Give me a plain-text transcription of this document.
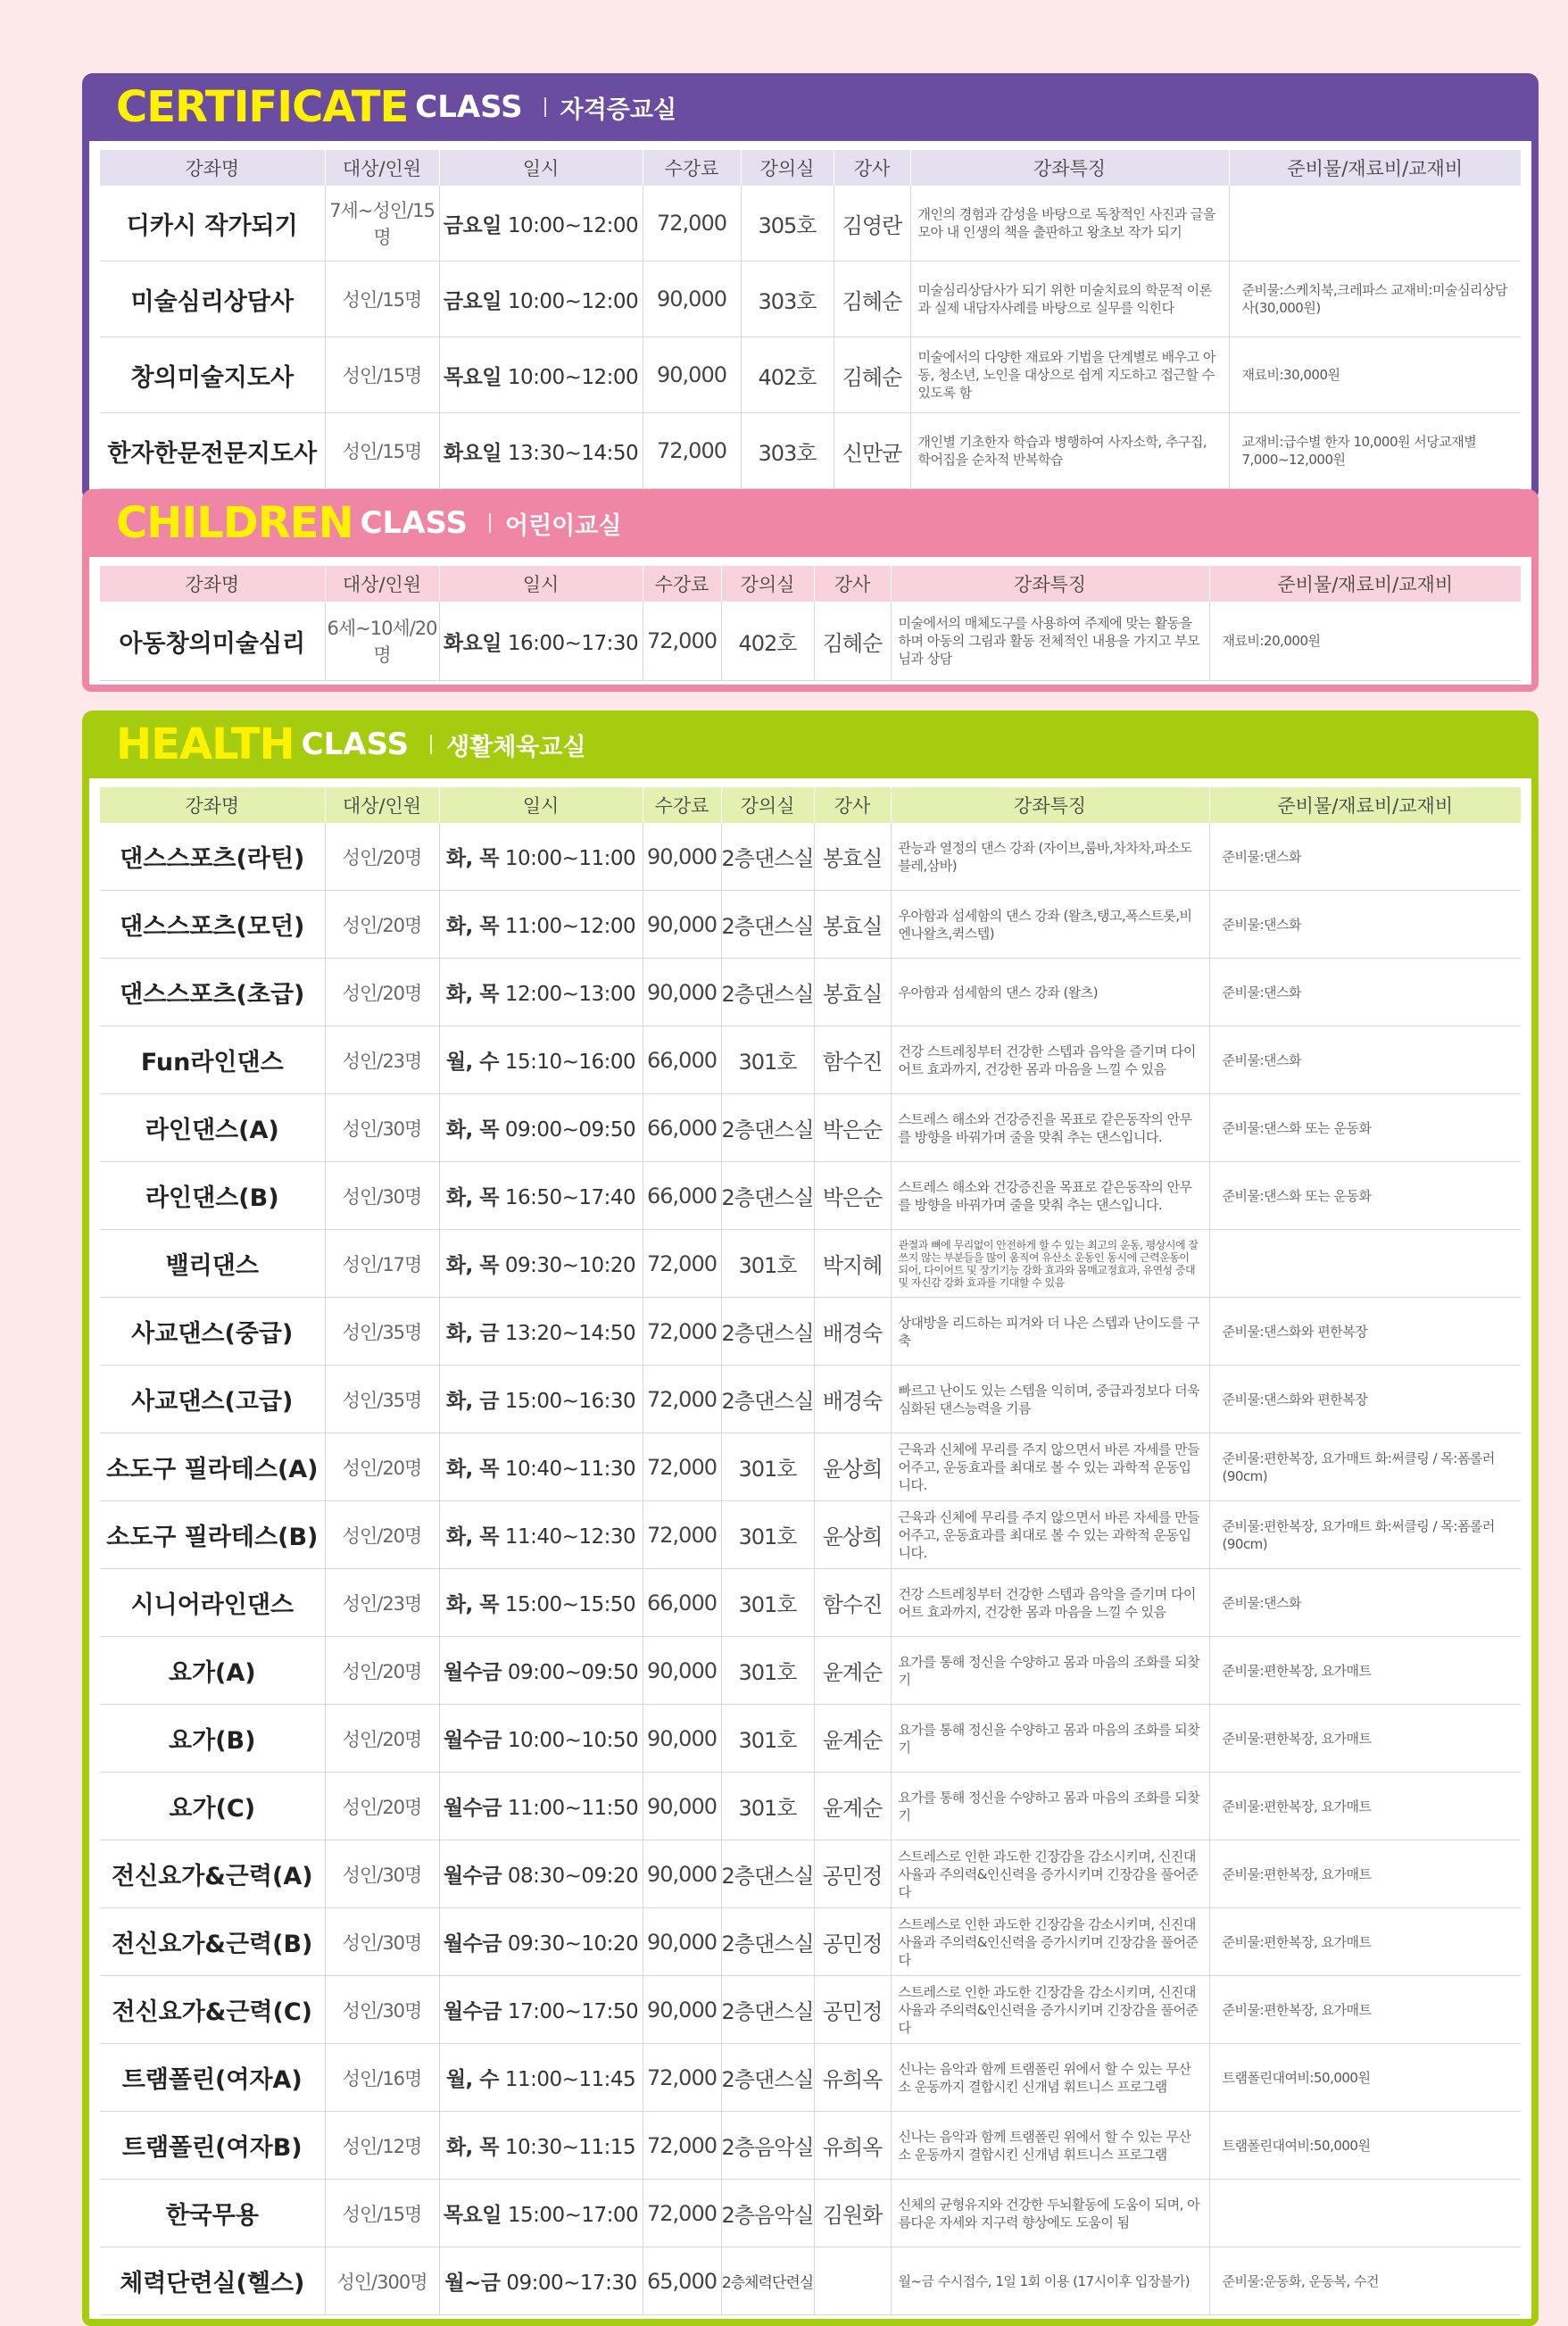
CERTIFICATE CLASS 자격증교실
강좌명	대상/인원	일시	수강료	강의실	강사	강좌특징	준비물/재료비/교재비
디카시 작가되기	7세~성인/15명	금요일 10:00~12:00	72,000	305호	김영란	개인의 경험과 감성을 바탕으로 독창적인 사진과 글을 모아 내 인생의 책을 출판하고 왕초보 작가 되기	
미술심리상담사	성인/15명	금요일 10:00~12:00	90,000	303호	김혜순	미술심리상담사가 되기 위한 미술치료의 학문적 이론과 실제 내담자사례를 바탕으로 실무를 익힌다	준비물:스케치북,크레파스 교재비:미술심리상담사(30,000원)
창의미술지도사	성인/15명	목요일 10:00~12:00	90,000	402호	김혜순	미술에서의 다양한 재료와 기법을 단계별로 배우고 아동, 청소년, 노인을 대상으로 쉽게 지도하고 접근할 수 있도록 함	재료비:30,000원
한자한문전문지도사	성인/15명	화요일 13:30~14:50	72,000	303호	신만균	개인별 기초한자 학습과 병행하여 사자소학, 추구집, 학어집을 순차적 반복학습	교재비:급수별 한자 10,000원 서당교재별 7,000~12,000원
CHILDREN CLASS 어린이교실
강좌명	대상/인원	일시	수강료	강의실	강사	강좌특징	준비물/재료비/교재비
아동창의미술심리	6세~10세/20명	화요일 16:00~17:30	72,000	402호	김혜순	미술에서의 매체도구를 사용하여 주제에 맞는 활동을 하며 아동의 그림과 활동 전체적인 내용을 가지고 부모님과 상담	재료비:20,000원
HEALTH CLASS 생활체육교실
강좌명	대상/인원	일시	수강료	강의실	강사	강좌특징	준비물/재료비/교재비
댄스스포츠(라틴)	성인/20명	화, 목 10:00~11:00	90,000	2층댄스실	봉효실	관능과 열정의 댄스 강좌 (자이브,룸바,차차차,파소도블레,삼바)	준비물:댄스화
댄스스포츠(모던)	성인/20명	화, 목 11:00~12:00	90,000	2층댄스실	봉효실	우아함과 섬세함의 댄스 강좌 (왈츠,탱고,폭스트롯,비엔나왈츠,퀵스텝)	준비물:댄스화
댄스스포츠(초급)	성인/20명	화, 목 12:00~13:00	90,000	2층댄스실	봉효실	우아함과 섬세함의 댄스 강좌 (왈츠)	준비물:댄스화
Fun라인댄스	성인/23명	월, 수 15:10~16:00	66,000	301호	함수진	건강 스트레칭부터 건강한 스텝과 음악을 즐기며 다이어트 효과까지, 건강한 몸과 마음을 느낄 수 있음	준비물:댄스화
라인댄스(A)	성인/30명	화, 목 09:00~09:50	66,000	2층댄스실	박은순	스트레스 해소와 건강증진을 목표로 같은동작의 안무를 방향을 바꿔가며 줄을 맞춰 추는 댄스입니다.	준비물:댄스화 또는 운동화
라인댄스(B)	성인/30명	화, 목 16:50~17:40	66,000	2층댄스실	박은순	스트레스 해소와 건강증진을 목표로 같은동작의 안무를 방향을 바꿔가며 줄을 맞춰 추는 댄스입니다.	준비물:댄스화 또는 운동화
밸리댄스	성인/17명	화, 목 09:30~10:20	72,000	301호	박지혜	관절과 뼈에 무리없이 안전하게 할 수 있는 최고의 운동, 평상시에 잘 쓰지 않는 부분들을 많이 움직여 유산소 운동인 동시에 근력운동이 되어, 다이어트 및 장기기능 강화 효과와 몸매교정효과, 유연성 증대 및 자신감 강화 효과를 기대할 수 있음	
사교댄스(중급)	성인/35명	화, 금 13:20~14:50	72,000	2층댄스실	배경숙	상대방을 리드하는 피겨와 더 나은 스텝과 난이도를 구축	준비물:댄스화와 편한복장
사교댄스(고급)	성인/35명	화, 금 15:00~16:30	72,000	2층댄스실	배경숙	빠르고 난이도 있는 스텝을 익히며, 중급과정보다 더욱 심화된 댄스능력을 기름	준비물:댄스화와 편한복장
소도구 필라테스(A)	성인/20명	화, 목 10:40~11:30	72,000	301호	윤상희	근육과 신체에 무리를 주지 않으면서 바른 자세를 만들어주고, 운동효과를 최대로 볼 수 있는 과학적 운동입니다.	준비물:편한복장, 요가매트 화:써클링 / 목:폼롤러(90cm)
소도구 필라테스(B)	성인/20명	화, 목 11:40~12:30	72,000	301호	윤상희	근육과 신체에 무리를 주지 않으면서 바른 자세를 만들어주고, 운동효과를 최대로 볼 수 있는 과학적 운동입니다.	준비물:편한복장, 요가매트 화:써클링 / 목:폼롤러(90cm)
시니어라인댄스	성인/23명	화, 목 15:00~15:50	66,000	301호	함수진	건강 스트레칭부터 건강한 스텝과 음악을 즐기며 다이어트 효과까지, 건강한 몸과 마음을 느낄 수 있음	준비물:댄스화
요가(A)	성인/20명	월수금 09:00~09:50	90,000	301호	윤계순	요가를 통해 정신을 수양하고 몸과 마음의 조화를 되찾기	준비물:편한복장, 요가매트
요가(B)	성인/20명	월수금 10:00~10:50	90,000	301호	윤계순	요가를 통해 정신을 수양하고 몸과 마음의 조화를 되찾기	준비물:편한복장, 요가매트
요가(C)	성인/20명	월수금 11:00~11:50	90,000	301호	윤계순	요가를 통해 정신을 수양하고 몸과 마음의 조화를 되찾기	준비물:편한복장, 요가매트
전신요가&근력(A)	성인/30명	월수금 08:30~09:20	90,000	2층댄스실	공민정	스트레스로 인한 과도한 긴장감을 감소시키며, 신진대사율과 주의력&인신력을 증가시키며 긴장감을 풀어준다	준비물:편한복장, 요가매트
전신요가&근력(B)	성인/30명	월수금 09:30~10:20	90,000	2층댄스실	공민정	스트레스로 인한 과도한 긴장감을 감소시키며, 신진대사율과 주의력&인신력을 증가시키며 긴장감을 풀어준다	준비물:편한복장, 요가매트
전신요가&근력(C)	성인/30명	월수금 17:00~17:50	90,000	2층댄스실	공민정	스트레스로 인한 과도한 긴장감을 감소시키며, 신진대사율과 주의력&인신력을 증가시키며 긴장감을 풀어준다	준비물:편한복장, 요가매트
트램폴린(여자A)	성인/16명	월, 수 11:00~11:45	72,000	2층댄스실	유희옥	신나는 음악과 함께 트램폴린 위에서 할 수 있는 무산소 운동까지 결합시킨 신개념 휘트니스 프로그램	트램폴린대여비:50,000원
트램폴린(여자B)	성인/12명	화, 목 10:30~11:15	72,000	2층음악실	유희옥	신나는 음악과 함께 트램폴린 위에서 할 수 있는 무산소 운동까지 결합시킨 신개념 휘트니스 프로그램	트램폴린대여비:50,000원
한국무용	성인/15명	목요일 15:00~17:00	72,000	2층음악실	김원화	신체의 균형유지와 건강한 두뇌활동에 도움이 되며, 아름다운 자세와 지구력 향상에도 도움이 됨	
체력단련실(헬스)	성인/300명	월~금 09:00~17:30	65,000	2층체력단련실		월~금 수시접수, 1일 1회 이용 (17시이후 입장불가)	준비물:운동화, 운동복, 수건
